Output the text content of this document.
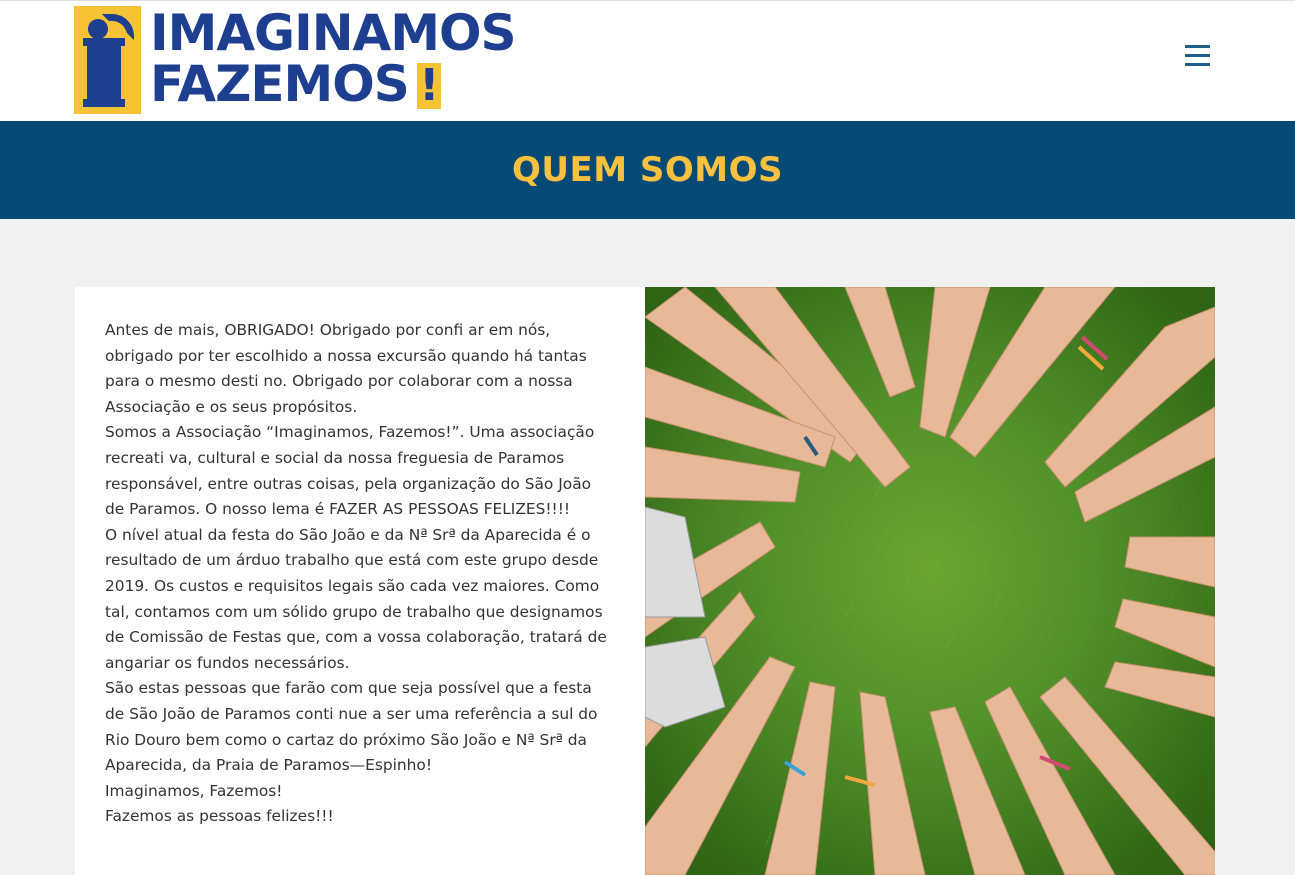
IMAGINAMOS
FAZEMOS !
QUEM SOMOS

Antes de mais, OBRIGADO! Obrigado por confi ar em nós, obrigado por ter escolhido a nossa excursão quando há tantas para o mesmo desti no. Obrigado por colaborar com a nossa Associação e os seus propósitos.

Somos a Associação “Imaginamos, Fazemos!”. Uma associação recreati va, cultural e social da nossa freguesia de Paramos responsável, entre outras coisas, pela organização do São João de Paramos. O nosso lema é FAZER AS PESSOAS FELIZES!!!!

O nível atual da festa do São João e da Nª Srª da Aparecida é o resultado de um árduo trabalho que está com este grupo desde 2019. Os custos e requisitos legais são cada vez maiores. Como tal, contamos com um sólido grupo de trabalho que designamos de Comissão de Festas que, com a vossa colaboração, tratará de angariar os fundos necessários.

São estas pessoas que farão com que seja possível que a festa de São João de Paramos conti nue a ser uma referência a sul do Rio Douro bem como o cartaz do próximo São João e Nª Srª da Aparecida, da Praia de Paramos—Espinho!

Imaginamos, Fazemos!

Fazemos as pessoas felizes!!!
